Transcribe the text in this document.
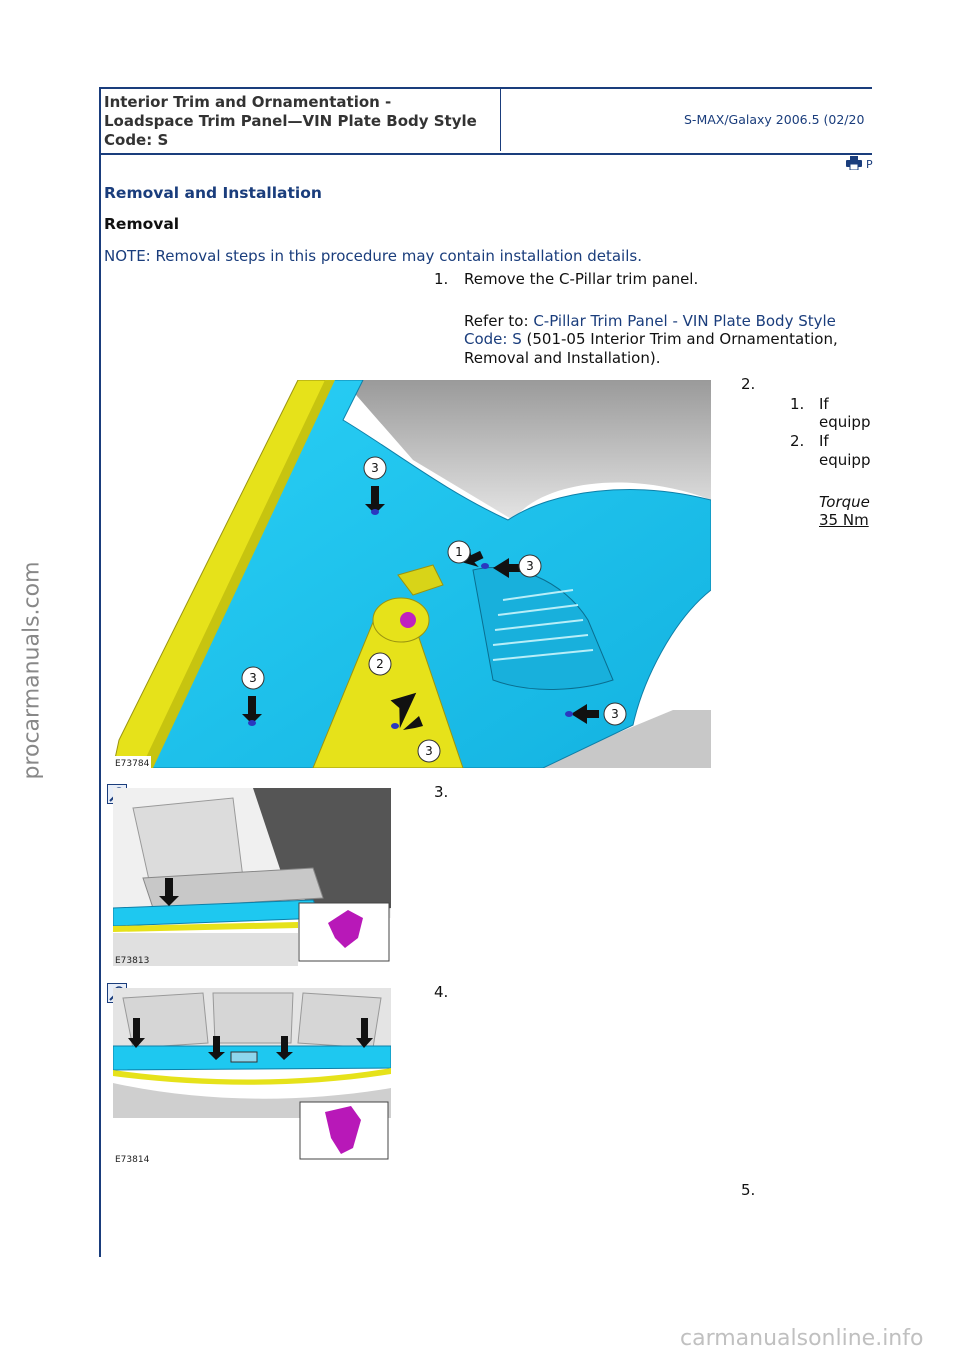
Interior Trim and Ornamentation -
Loadspace Trim Panel—VIN Plate Body Style
Code: S
S-MAX/Galaxy 2006.5 (02/20
P
Removal and Installation
Removal
NOTE: Removal steps in this procedure may contain installation details.
1. Remove the C-Pillar trim panel.
Refer to: C-Pillar Trim Panel - VIN Plate Body Style
Code: S (501-05 Interior Trim and Ornamentation,
Removal and Installation).
2.
1. If
equipp
2. If
equipp
Torque
35 Nm
3
1
3
2
3
3
3
E73784
3.
E73813
4.
E73814
5.
procarmanuals.com
carmanualsonline.info
